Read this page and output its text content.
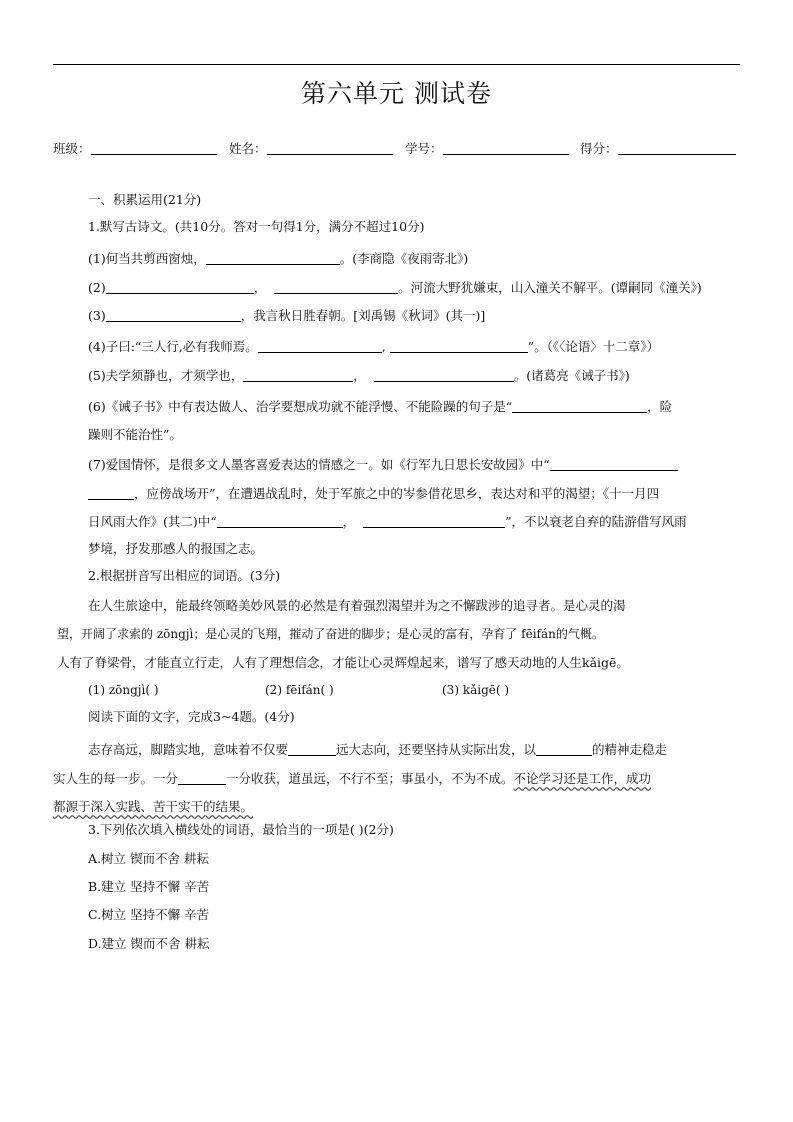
第六单元 测试卷
班级：	姓名：	学号：	得分：
一、积累运用(21分)
1.默写古诗文。(共10分。答对一句得1分，满分不超过10分)
(1)何当共剪西窗烛，	。(李商隐《夜雨寄北》)
(2)	，	。河流大野犹嫌束，山入潼关不解平。(谭嗣同《潼关》)
(3)	，我言秋日胜春朝。[刘禹锡《秋词》(其一)]
(4)子曰:“三人行,必有我师焉。	,	”。（《〈论语〉十二章》）
(5)夫学须静也，才须学也，	，	。(诸葛亮《诫子书》)
(6)《诫子书》中有表达做人、治学要想成功就不能浮慢、不能险躁的句子是“	，险
躁则不能治性”。
(7)爱国情怀，是很多文人墨客喜爱表达的情感之一。如《行军九日思长安故园》中“
，应傍战场开”，在遭遇战乱时，处于军旅之中的岑参借花思乡，表达对和平的渴望；《十一月四
日风雨大作》(其二)中“	，	”，不以衰老自弃的陆游借写风雨
梦境，抒发那感人的报国之志。
2.根据拼音写出相应的词语。(3分)
在人生旅途中，能最终领略美妙风景的必然是有着强烈渴望并为之不懈跋涉的追寻者。是心灵的渴
望，开阔了求索的 zōngjì；是心灵的飞翔，摧动了奋进的脚步；是心灵的富有，孕育了 fēifán的气概。
人有了脊梁骨，才能直立行走，人有了理想信念，才能让心灵辉煌起来，谱写了感天动地的人生kǎigē。
(1) zōngjì( )	(2) fēifán( )	(3) kǎigē( )
阅读下面的文字，完成3~4题。(4分)
志存高远，脚踏实地，意味着不仅要	远大志向，还要坚持从实际出发，以	的精神走稳走
实人生的每一步。一分	一分收获，道虽远，不行不至；事虽小，不为不成。不论学习还是工作，成功
都源于深入实践、苦干实干的结果。
3.下列依次填入横线处的词语，最恰当的一项是( )(2分)
A.树立 锲而不舍 耕耘
B.建立 坚持不懈 辛苦
C.树立 坚持不懈 辛苦
D.建立 锲而不舍 耕耘
